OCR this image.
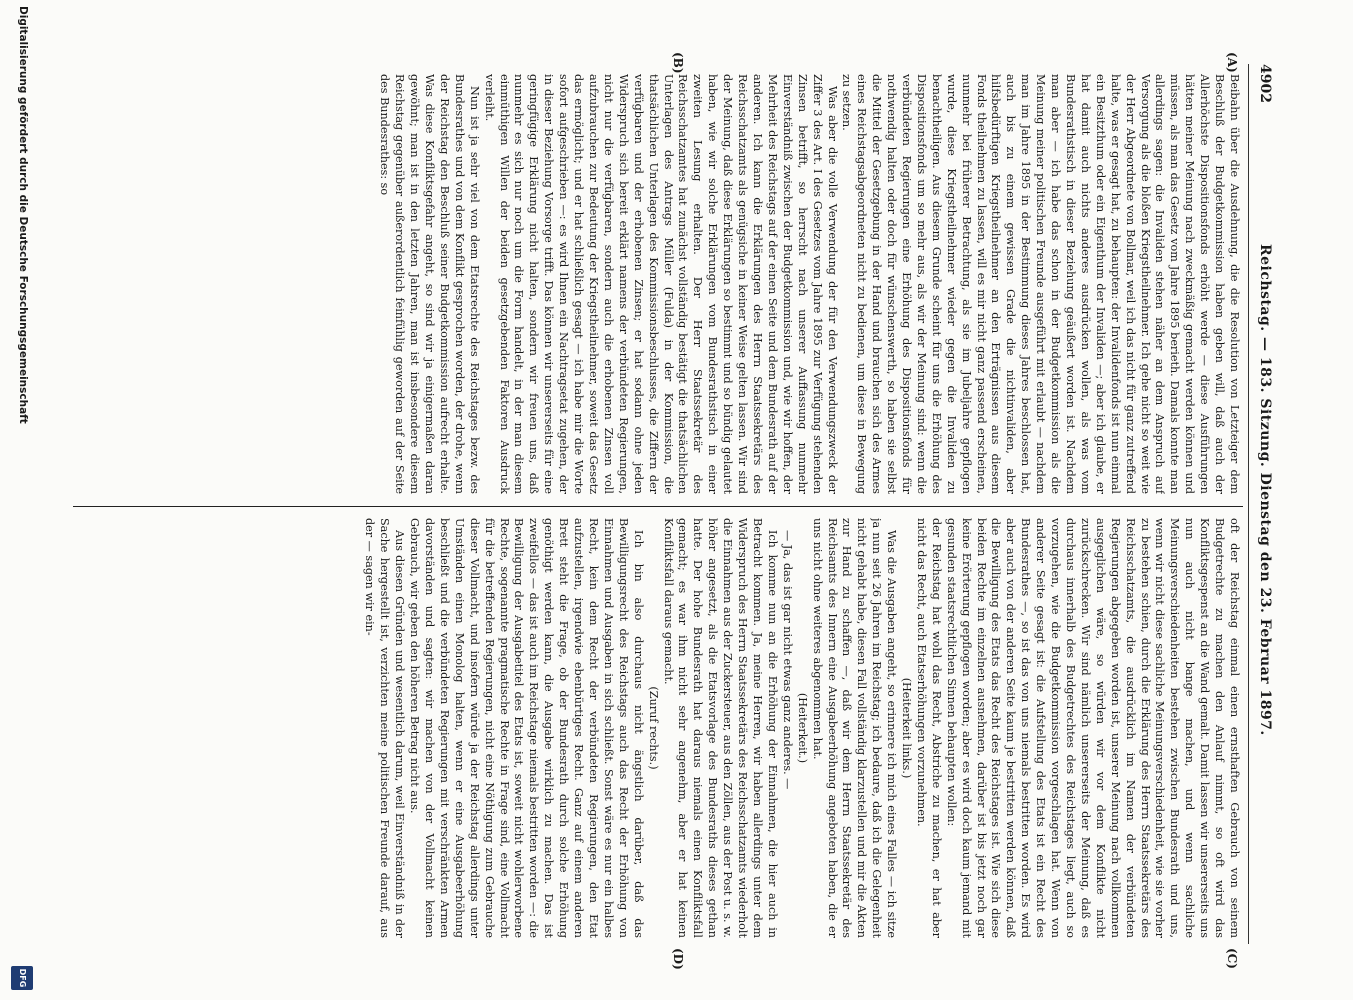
4902
Reichstag. — 183. Sitzung. Dienstag den 23. Februar 1897.
(A)
(B)
(C)
(D)

Beibahn über die Ausdehnung, die die Resolution von Letzteiger dem Beschluß der Budgetkommission haben geben will, daß auch der Allerhöchste Dispositionsfonds erhöht werde — diese Ausführungen hätten meiner Meinung nach zweckmäßig gemacht werden können und müssen, als man das Gesetz vom Jahre 1895 berieth. Damals konnte man allerdings sagen: die Invaliden stehen näher an dem Anspruch auf Versorgung als die bloßen Kriegstheilnehmer. Ich gehe nicht so weit wie der Herr Abgeordnete von Bollmar, weil ich das nicht für ganz zutreffend halte, was er gesagt hat, zu behaupten: der Invalidenfonds ist nun einmal ein Besitzthum oder ein Eigenthum der Invaliden —; aber ich glaube, er hat damit auch nichts anderes ausdrücken wollen, als was vom Bundesrathstisch in dieser Beziehung geäußert worden ist. Nachdem man aber — ich habe das schon in der Budgetkommission als die Meinung meiner politischen Freunde ausgeführt mit erlaubt — nachdem man im Jahre 1895 in der Bestimmung dieses Jahres beschlossen hat, auch bis zu einem gewissen Grade die nichtinvaliden, aber hilfsbedürftigen Kriegstheilnehmer an den Erträgnissen aus diesem Fonds theilnehmen zu lassen, will es mir nicht ganz passend erscheinen, nunmehr bei früherer Betrachtung, als sie im Jubeljahre gepflogen wurde, diese Kriegstheilnehmer wieder gegen die Invaliden zu benachtheiligen. Aus diesem Grunde scheint für uns die Erhöhung des Dispositionsfonds um so mehr aus, als wir der Meinung sind: wenn die verbündeten Regierungen eine Erhöhung des Dispositionsfonds für nothwendig halten oder doch für wünschenswerth, so haben sie selbst die Mittel der Gesetzgebung in der Hand und brauchen sich des Armes eines Reichstagsabgeordneten nicht zu bedienen, um diese in Bewegung zu setzen.

Was aber die volle Verwendung der für den Verwendungszweck der Ziffer 3 des Art. I des Gesetzes vom Jahre 1895 zur Verfügung stehenden Zinsen betrifft, so herrscht nach unserer Auffassung nunmehr Einverständniß zwischen der Budgetkommission und, wie wir hoffen, der Mehrheit des Reichstags auf der einen Seite und dem Bundesrath auf der anderen. Ich kann die Erklärungen des Herrn Staatssekretärs des Reichsschatzamts als genügsiche in keiner Weise gelten lassen. Wir sind der Meinung, daß diese Erklärungen so bestimmt und so bündig gelautet haben, wie wir solche Erklärungen vom Bundesrathstisch in einer zweiten Lesung erhalten. Der Herr Staatssekretär des Reichsschatzamtes hat zunächst vollständig bestätigt die thatsächlichen Unterlagen des Antrags Müller (Fulda) in der Kommission, die thatsächlichen Unterlagen des Kommissionsbeschlusses, die Ziffern der verfügbaren und der erhobenen Zinsen; er hat sodann ohne jeden Widerspruch sich bereit erklärt namens der verbündeten Regierungen, nicht nur die verfügbaren, sondern auch die erhobenen Zinsen voll aufzubrauchen zur Bedeutung der Kriegstheilnehmer, soweit das Gesetz das ermöglicht; und er hat schließlich gesagt — ich habe mir die Worte sofort aufgeschrieben —: es wird Ihnen ein Nachtragsetat zugehen, der in dieser Beziehung Vorsorge trifft. Das können wir unsererseits für eine geringfügige Erklärung nicht halten, sondern wir freuen uns, daß nunmehr es sich nur noch um die Form handelt, in der man diesem einmüthigen Willen der beiden gesetzgebenden Faktoren Ausdruck verleiht.

Nun ist ja sehr viel von dem Etatsrechte des Reichstages bezw. des Bundesrathes und von dem Konflikt gesprochen worden, der drohe, wenn der Reichstag den Beschluß seiner Budgetkommission aufrecht erhalte. Was diese Konfliktsgefahr angeht, so sind wir ja einigermaßen daran gewöhnt; man ist in den letzten Jahren, man ist insbesondere diesem Reichstag gegenüber außerordentlich feinfühlig geworden auf der Seite des Bundesrathes: so

oft der Reichstag einmal einen ernsthaften Gebrauch von seinem Budgetrechte zu machen den Anlauf nimmt, so oft wird das Konfliktsgespenst an die Wand gemalt. Damit lassen wir unsererseits uns nun auch nicht bange machen, und wenn sachliche Meinungsverschiedenheiten bestehen zwischen Bundesrath und uns, wenn wir nicht diese sachliche Meinungsverschiedenheit, wie sie vorher zu bestehen schien, durch die Erklärung des Herrn Staatssekretärs des Reichsschatzamts, die ausdrücklich im Namen der verbündeten Regierungen abgegeben worden ist, unserer Meinung nach vollkommen ausgeglichen wäre, so würden wir vor dem Konflikte nicht zurückschrecken. Wir sind nämlich unsererseits der Meinung, daß es durchaus innerhalb des Budgetrechtes des Reichstages liegt, auch so vorzugehen, wie die Budgetkommission vorgeschlagen hat. Wenn von anderer Seite gesagt ist: die Aufstellung des Etats ist ein Recht des Bundesrathes —, so ist das von uns niemals bestritten worden. Es wird aber auch von der anderen Seite kaum je bestritten werden können, daß die Bewilligung des Etats das Recht des Reichstages ist. Wie sich diese beiden Rechte im einzelnen ausnehmen, darüber ist bis jetzt noch gar keine Erörterung gepflogen worden; aber es wird doch kaum jemand mit gesunden staatsrechtlichen Sinnen behaupten wollen:

der Reichstag hat wohl das Recht, Abstriche zu machen, er hat aber nicht das Recht, auch Etatserhöhungen vorzunehmen.

(Heiterkeit links.)

Was die Ausgaben angeht, so erinnere ich mich eines Falles — ich sitze ja nun seit 26 Jahren im Reichstag; ich bedaure, daß ich die Gelegenheit nicht gehabt habe, diesen Fall vollständig klarzustellen und mir die Akten zur Hand zu schaffen —, daß wir dem Herrn Staatssekretär des Reichsamts des Innern eine Ausgabeerhöhung angeboten haben, die er uns nicht ohne weiteres abgenommen hat.

(Heiterkeit.)

— Ja, das ist gar nicht etwas ganz anderes. —

Ich komme nun an die Erhöhung der Einnahmen, die hier auch in Betracht kommen. Ja, meine Herren, wir haben allerdings unter dem Widerspruch des Herrn Staatssekretärs des Reichsschatzamts wiederholt die Einnahmen aus der Zuckersteuer, aus den Zöllen, aus der Post u. s. w. höher angesetzt, als die Etatsvorlage des Bundesraths dieses gethan hatte. Der hohe Bundesrath hat daraus niemals einen Konfliktsfall gemacht; es war ihm nicht sehr angenehm, aber er hat keinen Konfliktsfall daraus gemacht.

(Zuruf rechts.)

Ich bin also durchaus nicht ängstlich darüber, daß das Bewilligungsrecht des Reichstags auch das Recht der Erhöhung von Einnahmen und Ausgaben in sich schließt. Sonst wäre es nur ein halbes Recht, kein dem Recht der verbündeten Regierungen, den Etat aufzustellen, irgendwie ebenbürtiges Recht. Ganz auf einem anderen Brett steht die Frage, ob der Bundesrath durch solche Erhöhung genöthigt werden kann, die Ausgabe wirklich zu machen. Das ist zweifellos — das ist auch im Reichstage niemals bestritten worden —: die Bewilligung der Ausgabetitel des Etats ist, soweit nicht wohlerworbene Rechte, sogenannte pragmatische Rechte in Frage sind, eine Vollmacht für die betreffenden Regierungen, nicht eine Nöthigung zum Gebrauche dieser Vollmacht, und insofern würde ja der Reichstag allerdings unter Umständen einen Monolog halten, wenn er eine Ausgabeerhöhung beschließt und die verbündeten Regierungen mit verschränkten Armen davorständen und sagten: wir machen von der Vollmacht keinen Gebrauch, wir geben den höheren Betrag nicht aus.

Aus diesen Gründen und wesentlich darum, weil Einverständniß in der Sache hergestellt ist, verzichten meine politischen Freunde darauf, aus der — sagen wir ein-

Digitalisierung gefördert durch die Deutsche Forschungsgemeinschaft
DFG
